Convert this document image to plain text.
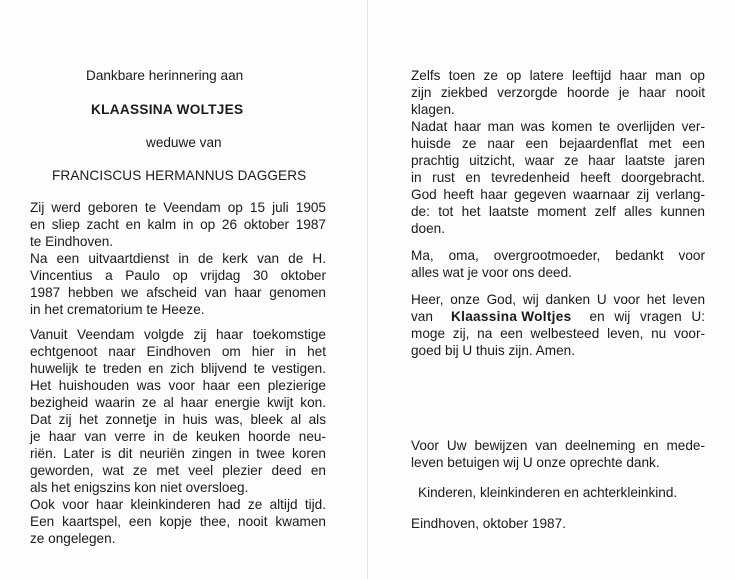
Dankbare herinnering aan
KLAASSINA WOLTJES
weduwe van
FRANCISCUS HERMANNUS DAGGERS
Zij werd geboren te Veendam op 15 juli 1905
en sliep zacht en kalm in op 26 oktober 1987
te Eindhoven.
Na een uitvaartdienst in de kerk van de H.
Vincentius a Paulo op vrijdag 30 oktober
1987 hebben we afscheid van haar genomen
in het crematorium te Heeze.
Vanuit Veendam volgde zij haar toekomstige
echtgenoot naar Eindhoven om hier in het
huwelijk te treden en zich blijvend te vestigen.
Het huishouden was voor haar een plezierige
bezigheid waarin ze al haar energie kwijt kon.
Dat zij het zonnetje in huis was, bleek al als
je haar van verre in de keuken hoorde neu-
riën. Later is dit neuriën zingen in twee koren
geworden, wat ze met veel plezier deed en
als het enigszins kon niet oversloeg.
Ook voor haar kleinkinderen had ze altijd tijd.
Een kaartspel, een kopje thee, nooit kwamen
ze ongelegen.
Zelfs toen ze op latere leeftijd haar man op
zijn ziekbed verzorgde hoorde je haar nooit
klagen.
Nadat haar man was komen te overlijden ver-
huisde ze naar een bejaardenflat met een
prachtig uitzicht, waar ze haar laatste jaren
in rust en tevredenheid heeft doorgebracht.
God heeft haar gegeven waarnaar zij verlang-
de: tot het laatste moment zelf alles kunnen
doen.
Ma, oma, overgrootmoeder, bedankt voor
alles wat je voor ons deed.
Heer, onze God, wij danken U voor het leven
van Klaassina Woltjes en wij vragen U:
moge zij, na een welbesteed leven, nu voor-
goed bij U thuis zijn. Amen.
Voor Uw bewijzen van deelneming en mede-
leven betuigen wij U onze oprechte dank.
Kinderen, kleinkinderen en achterkleinkind.
Eindhoven, oktober 1987.
